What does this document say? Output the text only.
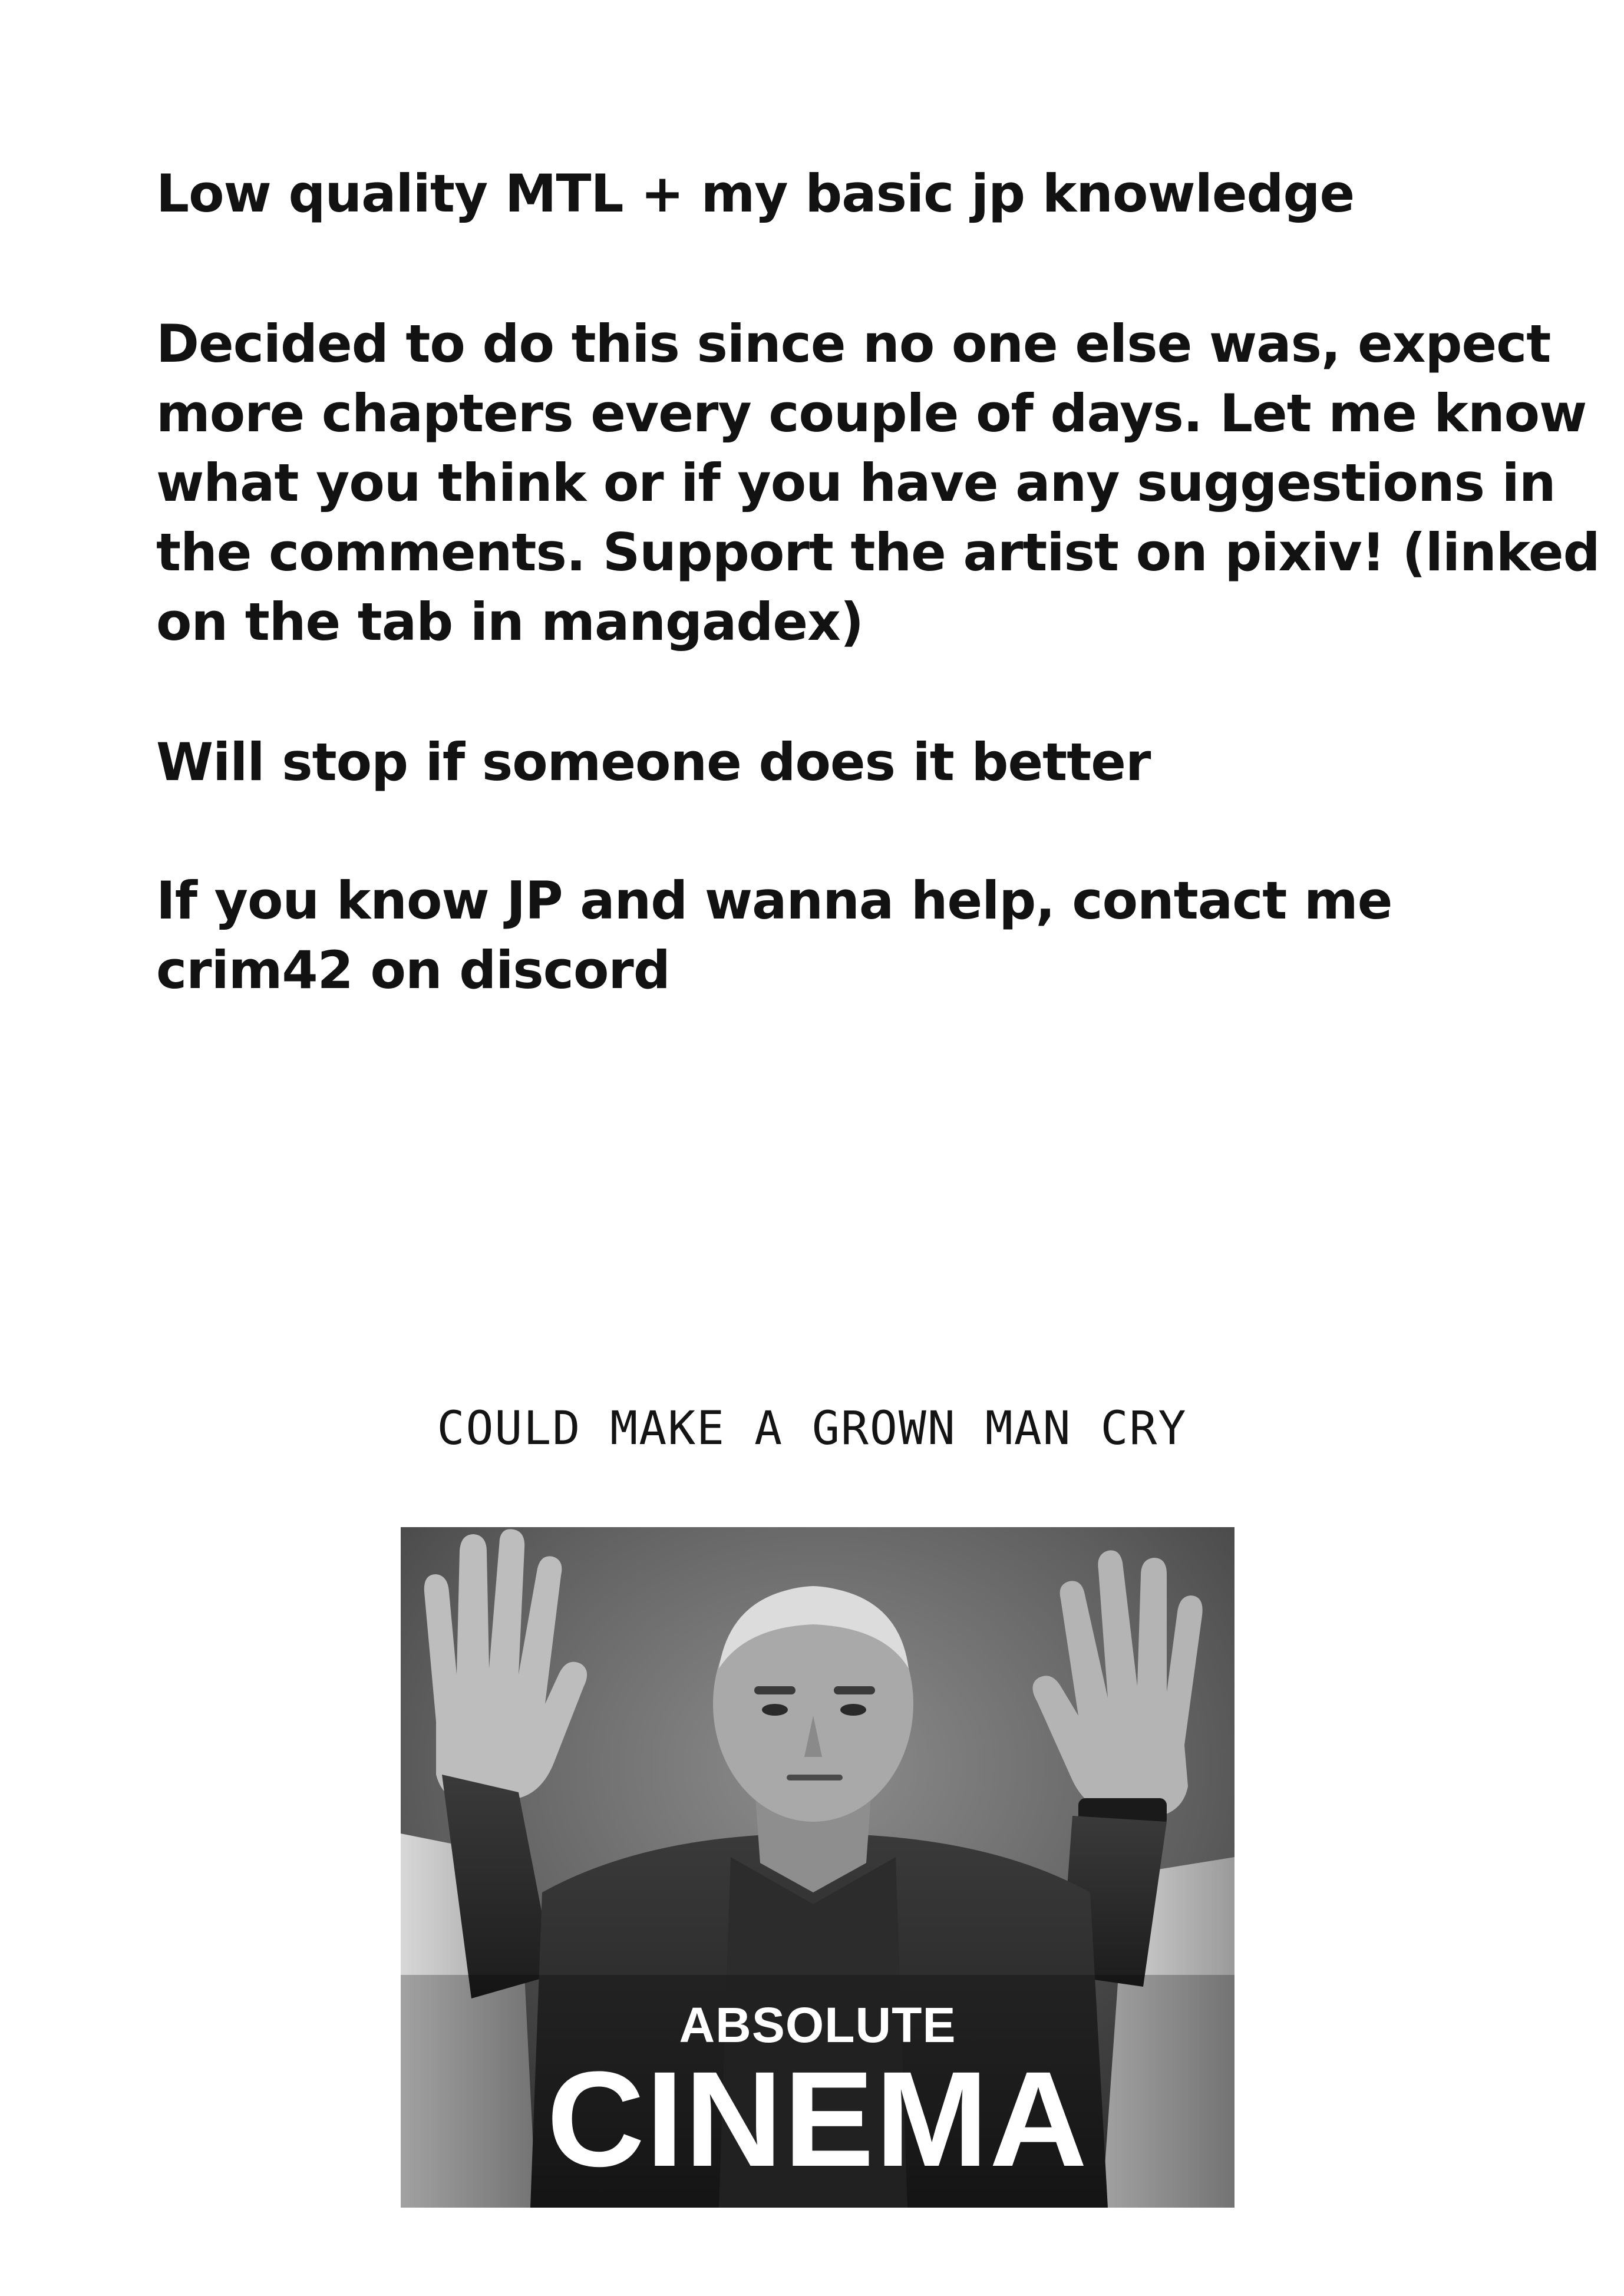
Low quality MTL + my basic jp knowledge

Decided to do this since no one else was, expect
more chapters every couple of days. Let me know
what you think or if you have any suggestions in
the comments. Support the artist on pixiv! (linked
on the tab in mangadex)

Will stop if someone does it better

If you know JP and wanna help, contact me
crim42 on discord

COULD MAKE A GROWN MAN CRY
ABSOLUTE
CINEMA
